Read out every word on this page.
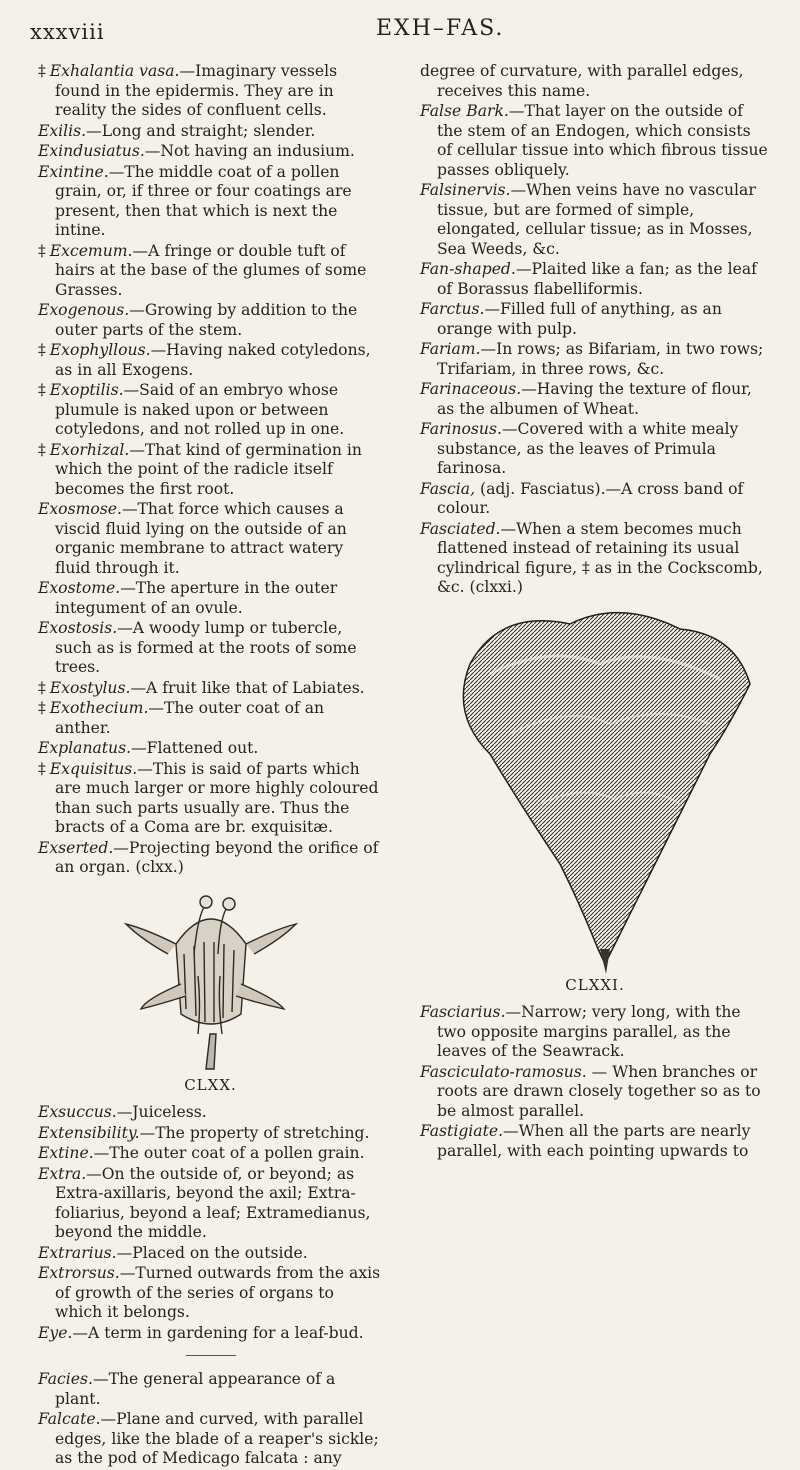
xxxviii	EXH–FAS.

‡ Exhalantia vasa.—Imaginary vessels found in the epidermis. They are in reality the sides of confluent cells.

Exilis.—Long and straight; slender.

Exindusiatus.—Not having an indusium.

Exintine.—The middle coat of a pollen grain, or, if three or four coatings are present, then that which is next the intine.

‡ Excemum.—A fringe or double tuft of hairs at the base of the glumes of some Grasses.

Exogenous.—Growing by addition to the outer parts of the stem.

‡ Exophyllous.—Having naked cotyledons, as in all Exogens.

‡ Exoptilis.—Said of an embryo whose plumule is naked upon or between cotyledons, and not rolled up in one.

‡ Exorhizal.—That kind of germination in which the point of the radicle itself becomes the first root.

Exosmose.—That force which causes a viscid fluid lying on the outside of an organic membrane to attract watery fluid through it.

Exostome.—The aperture in the outer integument of an ovule.

Exostosis.—A woody lump or tubercle, such as is formed at the roots of some trees.

‡ Exostylus.—A fruit like that of Labiates.

‡ Exothecium.—The outer coat of an anther.

Explanatus.—Flattened out.

‡ Exquisitus.—This is said of parts which are much larger or more highly coloured than such parts usually are. Thus the bracts of a Coma are br. exquisitæ.

Exserted.—Projecting beyond the orifice of an organ. (clxx.)

CLXX.

Exsuccus.—Juiceless.

Extensibility.—The property of stretching.

Extine.—The outer coat of a pollen grain.

Extra.—On the outside of, or beyond; as Extra-axillaris, beyond the axil; Extra-foliarius, beyond a leaf; Extramedianus, beyond the middle.

Extrarius.—Placed on the outside.

Extrorsus.—Turned outwards from the axis of growth of the series of organs to which it belongs.

Eye.—A term in gardening for a leaf-bud.

Facies.—The general appearance of a plant.

Falcate.—Plane and curved, with parallel edges, like the blade of a reaper's sickle; as the pod of Medicago falcata : any

degree of curvature, with parallel edges, receives this name.

False Bark.—That layer on the outside of the stem of an Endogen, which consists of cellular tissue into which fibrous tissue passes obliquely.

Falsinervis.—When veins have no vascular tissue, but are formed of simple, elongated, cellular tissue; as in Mosses, Sea Weeds, &c.

Fan-shaped.—Plaited like a fan; as the leaf of Borassus flabelliformis.

Farctus.—Filled full of anything, as an orange with pulp.

Fariam.—In rows; as Bifariam, in two rows; Trifariam, in three rows, &c.

Farinaceous.—Having the texture of flour, as the albumen of Wheat.

Farinosus.—Covered with a white mealy substance, as the leaves of Primula farinosa.

Fascia, (adj. Fasciatus).—A cross band of colour.

Fasciated.—When a stem becomes much flattened instead of retaining its usual cylindrical figure, ‡ as in the Cockscomb, &c. (clxxi.)

CLXXI.

Fasciarius.—Narrow; very long, with the two opposite margins parallel, as the leaves of the Seawrack.

Fasciculato-ramosus. — When branches or roots are drawn closely together so as to be almost parallel.

Fastigiate.—When all the parts are nearly parallel, with each pointing upwards to
